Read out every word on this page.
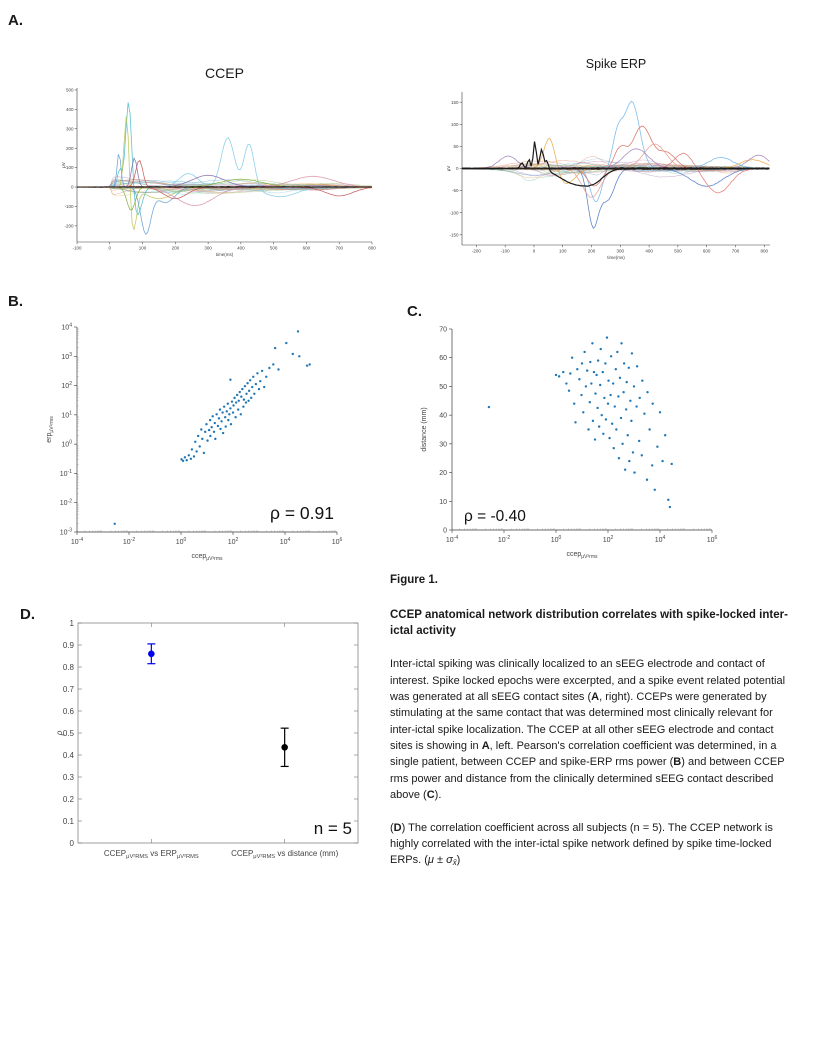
A.
CCEP
-100	0	100	200	300	400	500	600	700	800
-200
-100
0
100
200
300
400
500
time(ms)
μV
Spike ERP
-200	-100	0	100	200	300	400	500	600	700	800
-150
-100
-50
0
50
100
150
time(ms)
μV
B.
$10^{-4}$	$10^{-2}$	$10^0$	$10^2$	$10^4$	$10^6$
$10^4$
$10^3$
$10^2$
$10^1$
$10^0$
$10^{-1}$
$10^{-2}$
$10^{-3}$
ccep$_{\mu V^2rms}$
erp$_{\mu V^2rms}$
ρ = 0.91
C.
$10^{-4}$	$10^{-2}$	$10^0$	$10^2$	$10^4$	$10^6$
0
10
20
30
40
50
60
70
ccep$_{\mu V^2rms}$
distance (mm)
ρ = -0.40
D.
0
0.1
0.2
0.3
0.4
0.5
0.6
0.7
0.8
0.9
1
ρ
$CCEP_{\mu V^2RMS}$ vs $ERP_{\mu V^2RMS}$	$CCEP_{\mu V^2RMS}$ vs distance (mm)
n = 5
Figure 1.
CCEP anatomical network distribution correlates with spike-locked inter-ictal activity

Inter-ictal spiking was clinically localized to an sEEG electrode and contact of interest. Spike locked epochs were excerpted, and a spike event related potential was generated at all sEEG contact sites (A, right). CCEPs were generated by stimulating at the same contact that was determined most clinically relevant for inter-ictal spike localization. The CCEP at all other sEEG electrode and contact sites is showing in A, left. Pearson's correlation coefficient was determined, in a single patient, between CCEP and spike-ERP rms power (B) and between CCEP rms power and distance from the clinically determined sEEG contact described above (C).

(D) The correlation coefficient across all subjects (n = 5). The CCEP network is highly correlated with the inter-ictal spike network defined by spike time-locked ERPs. $(\mu \pm \sigma_{x̄})$
